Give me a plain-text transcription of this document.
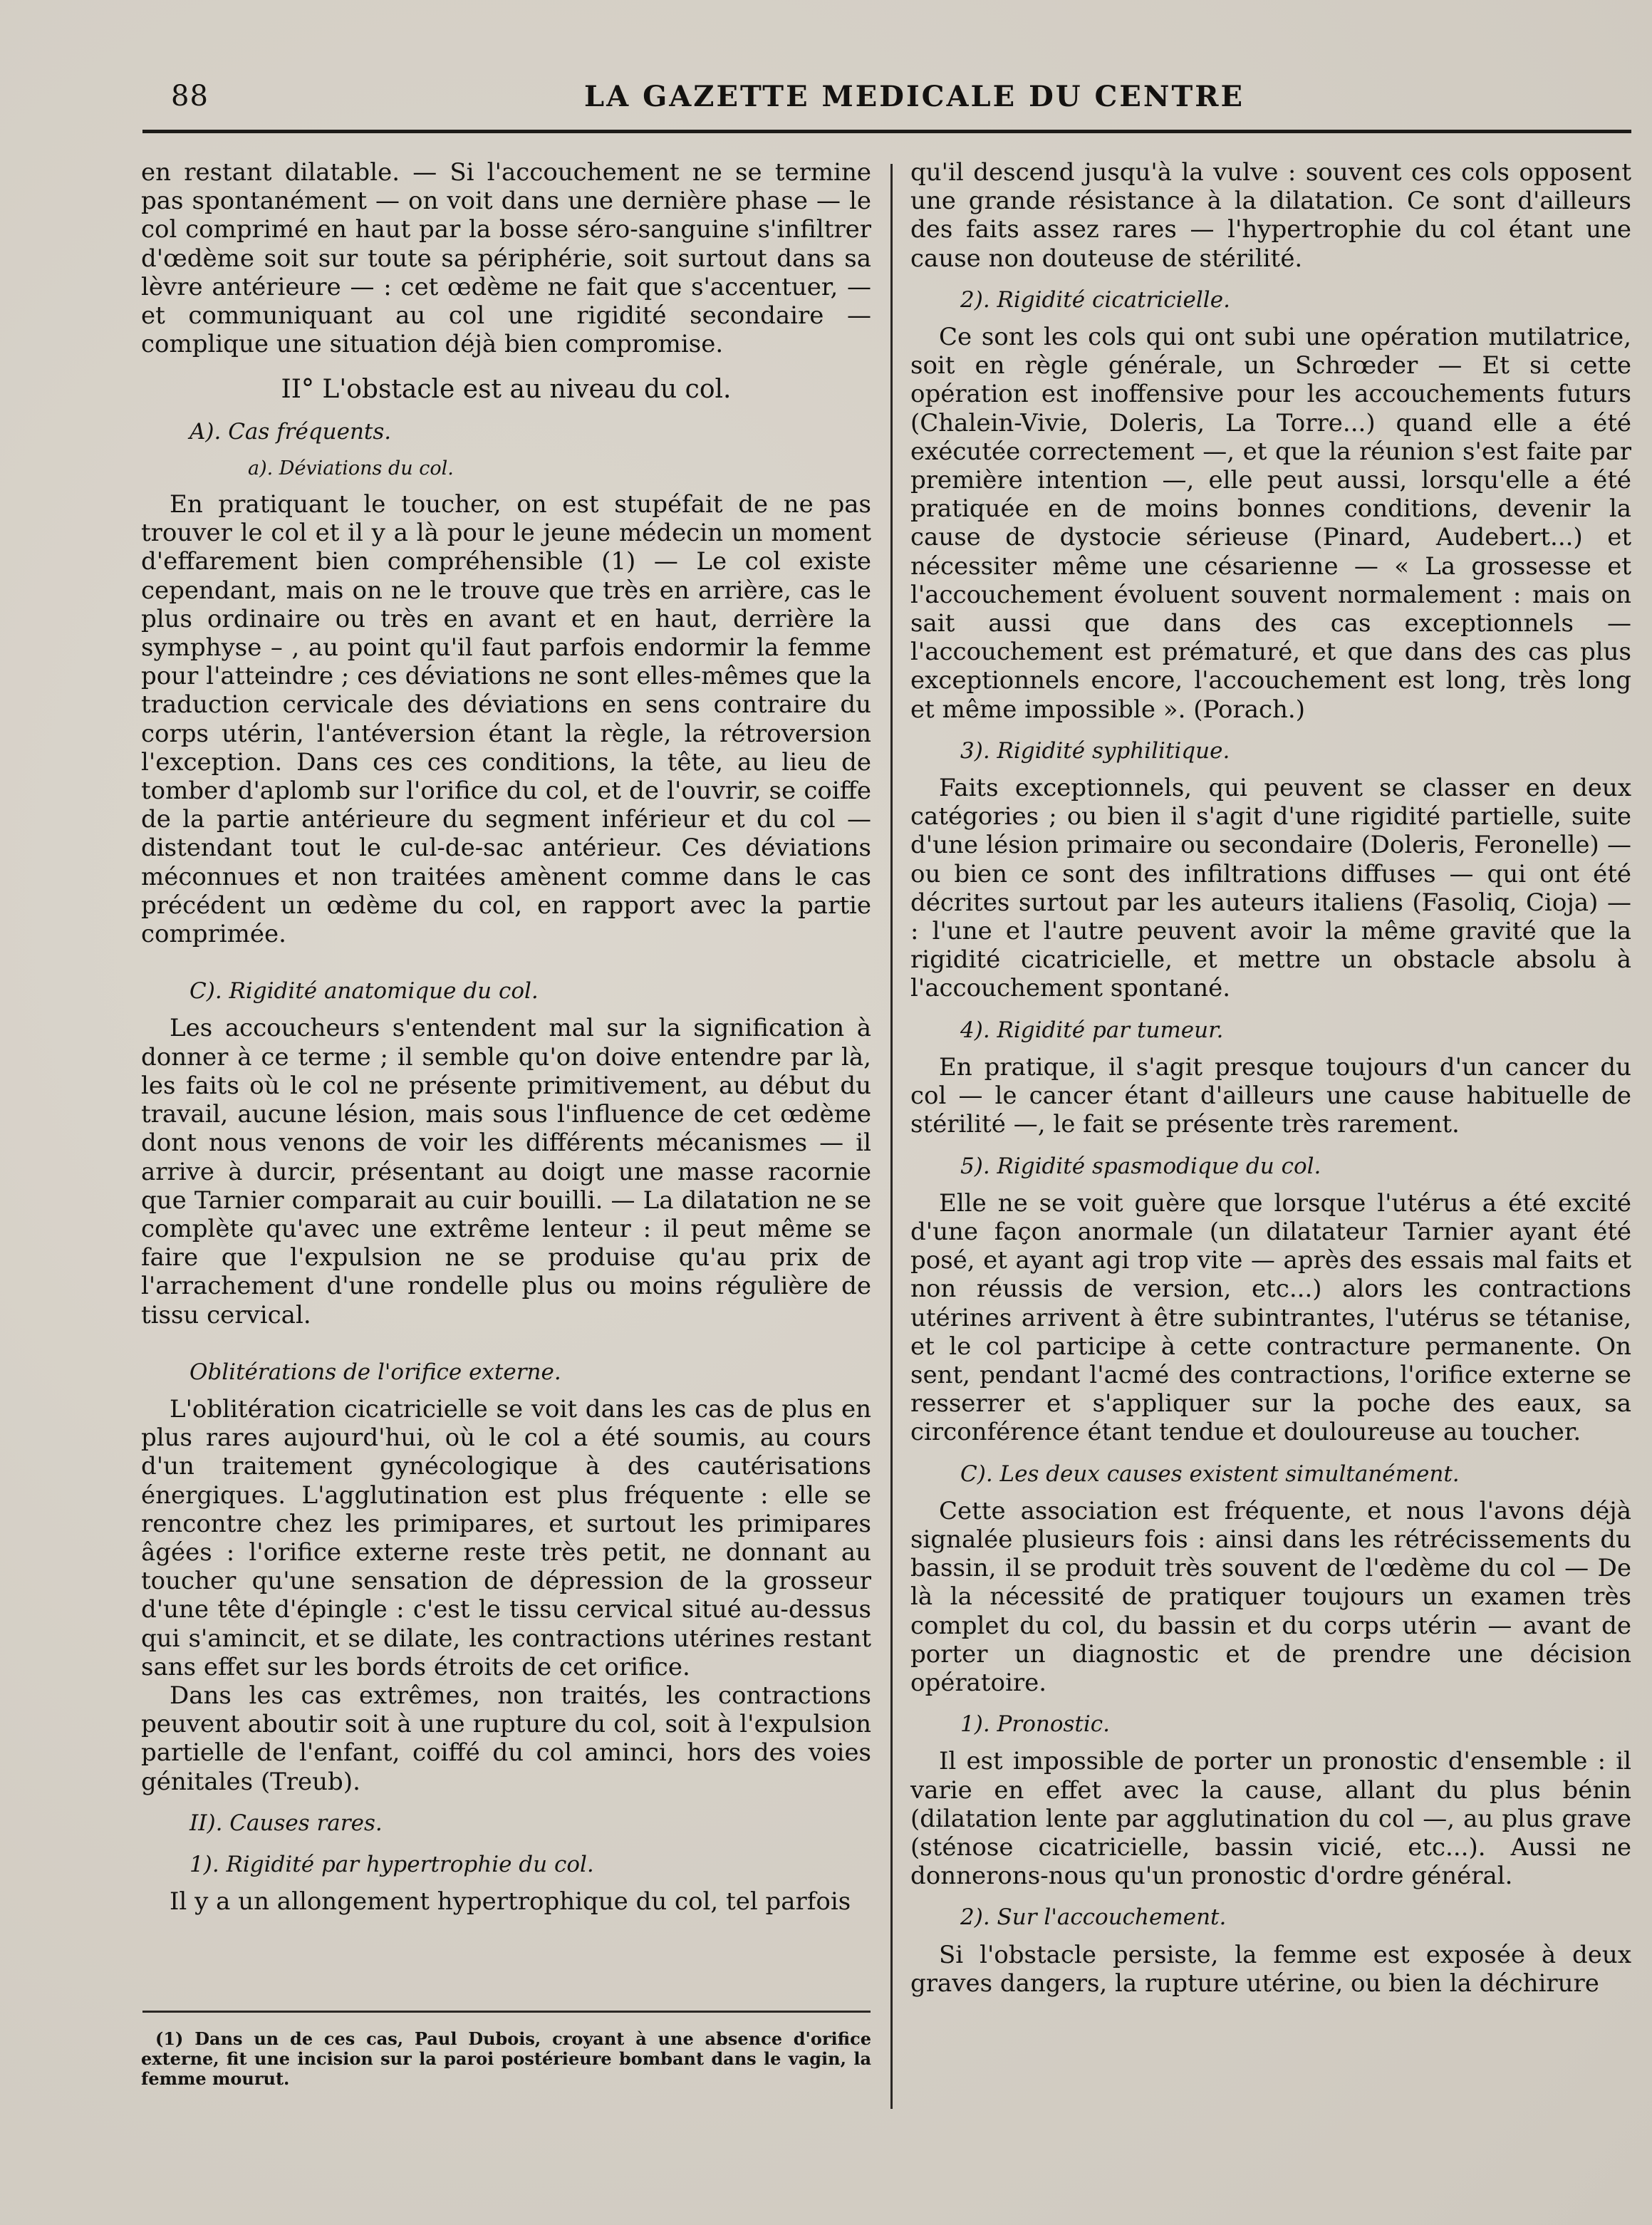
88	LA GAZETTE MEDICALE DU CENTRE

en restant dilatable. — Si l'accouchement ne se termine pas spontanément — on voit dans une dernière phase — le col comprimé en haut par la bosse séro-sanguine s'infiltrer d'œdème soit sur toute sa périphérie, soit surtout dans sa lèvre antérieure — : cet œdème ne fait que s'accentuer, — et communiquant au col une rigidité secondaire — complique une situation déjà bien compromise.

II° L'obstacle est au niveau du col.

A). Cas fréquents.

a). Déviations du col.

En pratiquant le toucher, on est stupéfait de ne pas trouver le col et il y a là pour le jeune médecin un moment d'effarement bien compréhensible (1) — Le col existe cependant, mais on ne le trouve que très en arrière, cas le plus ordinaire ou très en avant et en haut, derrière la symphyse – , au point qu'il faut parfois endormir la femme pour l'atteindre ; ces déviations ne sont elles-mêmes que la traduction cervicale des déviations en sens contraire du corps utérin, l'antéversion étant la règle, la rétroversion l'exception. Dans ces ces conditions, la tête, au lieu de tomber d'aplomb sur l'orifice du col, et de l'ouvrir, se coiffe de la partie antérieure du segment inférieur et du col — distendant tout le cul-de-sac antérieur. Ces déviations méconnues et non traitées amènent comme dans le cas précédent un œdème du col, en rapport avec la partie comprimée.

C). Rigidité anatomique du col.

Les accoucheurs s'entendent mal sur la signification à donner à ce terme ; il semble qu'on doive entendre par là, les faits où le col ne présente primitivement, au début du travail, aucune lésion, mais sous l'influence de cet œdème dont nous venons de voir les différents mécanismes — il arrive à durcir, présentant au doigt une masse racornie que Tarnier comparait au cuir bouilli. — La dilatation ne se complète qu'avec une extrême lenteur : il peut même se faire que l'expulsion ne se produise qu'au prix de l'arrachement d'une rondelle plus ou moins régulière de tissu cervical.

Oblitérations de l'orifice externe.

L'oblitération cicatricielle se voit dans les cas de plus en plus rares aujourd'hui, où le col a été soumis, au cours d'un traitement gynécologique à des cautérisations énergiques. L'agglutination est plus fréquente : elle se rencontre chez les primipares, et surtout les primipares âgées : l'orifice externe reste très petit, ne donnant au toucher qu'une sensation de dépression de la grosseur d'une tête d'épingle : c'est le tissu cervical situé au-dessus qui s'amincit, et se dilate, les contractions utérines restant sans effet sur les bords étroits de cet orifice.

Dans les cas extrêmes, non traités, les contractions peuvent aboutir soit à une rupture du col, soit à l'expulsion partielle de l'enfant, coiffé du col aminci, hors des voies génitales (Treub).

II). Causes rares.

1). Rigidité par hypertrophie du col.

Il y a un allongement hypertrophique du col, tel parfois

(1) Dans un de ces cas, Paul Dubois, croyant à une absence d'orifice externe, fit une incision sur la paroi postérieure bombant dans le vagin, la femme mourut.

qu'il descend jusqu'à la vulve : souvent ces cols opposent une grande résistance à la dilatation. Ce sont d'ailleurs des faits assez rares — l'hypertrophie du col étant une cause non douteuse de stérilité.

2). Rigidité cicatricielle.

Ce sont les cols qui ont subi une opération mutilatrice, soit en règle générale, un Schrœder — Et si cette opération est inoffensive pour les accouchements futurs (Chalein-Vivie, Doleris, La Torre...) quand elle a été exécutée correctement —, et que la réunion s'est faite par première intention —, elle peut aussi, lorsqu'elle a été pratiquée en de moins bonnes conditions, devenir la cause de dystocie sérieuse (Pinard, Audebert...) et nécessiter même une césarienne — « La grossesse et l'accouchement évoluent souvent normalement : mais on sait aussi que dans des cas exceptionnels — l'accouchement est prématuré, et que dans des cas plus exceptionnels encore, l'accouchement est long, très long et même impossible ». (Porach.)

3). Rigidité syphilitique.

Faits exceptionnels, qui peuvent se classer en deux catégories ; ou bien il s'agit d'une rigidité partielle, suite d'une lésion primaire ou secondaire (Doleris, Feronelle) — ou bien ce sont des infiltrations diffuses — qui ont été décrites surtout par les auteurs italiens (Fasoliq, Cioja) — : l'une et l'autre peuvent avoir la même gravité que la rigidité cicatricielle, et mettre un obstacle absolu à l'accouchement spontané.

4). Rigidité par tumeur.

En pratique, il s'agit presque toujours d'un cancer du col — le cancer étant d'ailleurs une cause habituelle de stérilité —, le fait se présente très rarement.

5). Rigidité spasmodique du col.

Elle ne se voit guère que lorsque l'utérus a été excité d'une façon anormale (un dilatateur Tarnier ayant été posé, et ayant agi trop vite — après des essais mal faits et non réussis de version, etc...) alors les contractions utérines arrivent à être subintrantes, l'utérus se tétanise, et le col participe à cette contracture permanente. On sent, pendant l'acmé des contractions, l'orifice externe se resserrer et s'appliquer sur la poche des eaux, sa circonférence étant tendue et douloureuse au toucher.

C). Les deux causes existent simultanément.

Cette association est fréquente, et nous l'avons déjà signalée plusieurs fois : ainsi dans les rétrécissements du bassin, il se produit très souvent de l'œdème du col — De là la nécessité de pratiquer toujours un examen très complet du col, du bassin et du corps utérin — avant de porter un diagnostic et de prendre une décision opératoire.

1). Pronostic.

Il est impossible de porter un pronostic d'ensemble : il varie en effet avec la cause, allant du plus bénin (dilatation lente par agglutination du col —, au plus grave (sténose cicatricielle, bassin vicié, etc...). Aussi ne donnerons-nous qu'un pronostic d'ordre général.

2). Sur l'accouchement.

Si l'obstacle persiste, la femme est exposée à deux graves dangers, la rupture utérine, ou bien la déchirure
